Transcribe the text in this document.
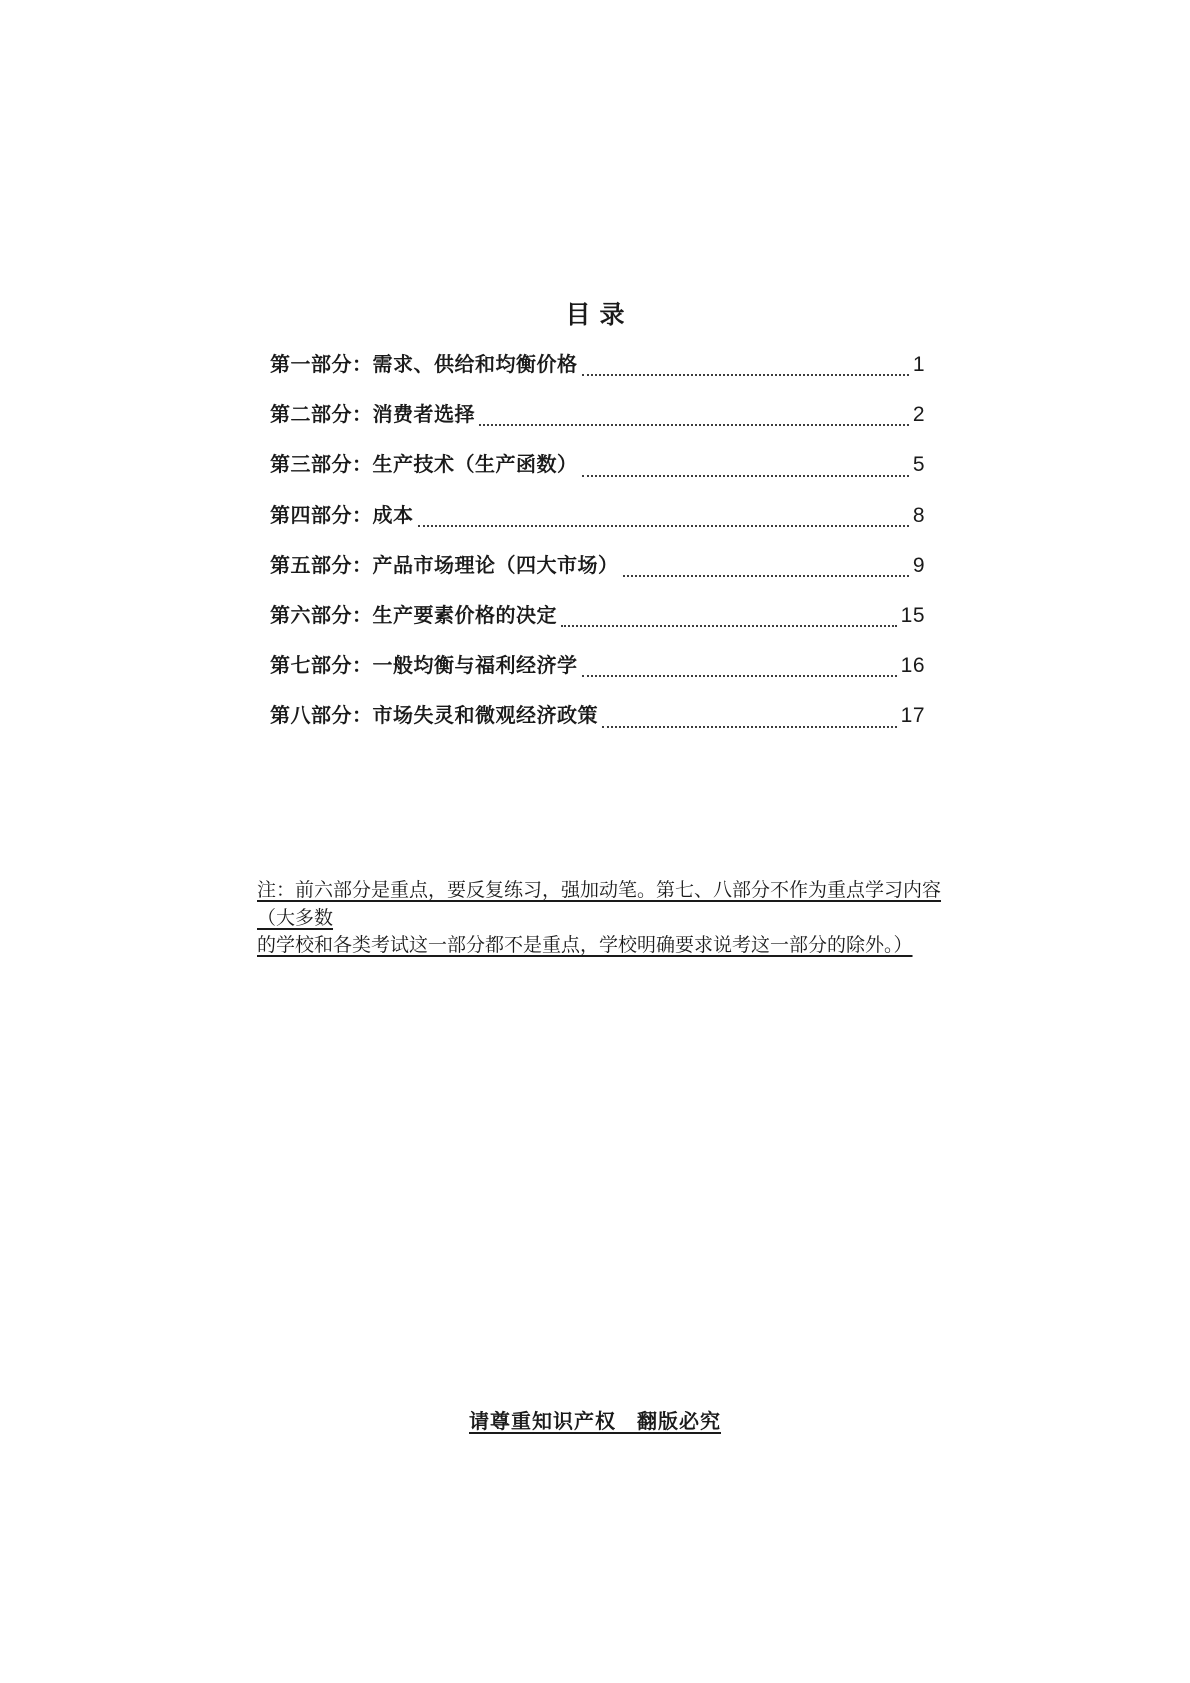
目录
第一部分：需求、供给和均衡价格	1
第二部分：消费者选择	2
第三部分：生产技术（生产函数）	5
第四部分：成本	8
第五部分：产品市场理论（四大市场）	9
第六部分：生产要素价格的决定	15
第七部分：一般均衡与福利经济学	16
第八部分：市场失灵和微观经济政策	17
注：前六部分是重点，要反复练习，强加动笔。第七、八部分不作为重点学习内容（大多数
的学校和各类考试这一部分都不是重点，学校明确要求说考这一部分的除外。）
请尊重知识产权　翻版必究
